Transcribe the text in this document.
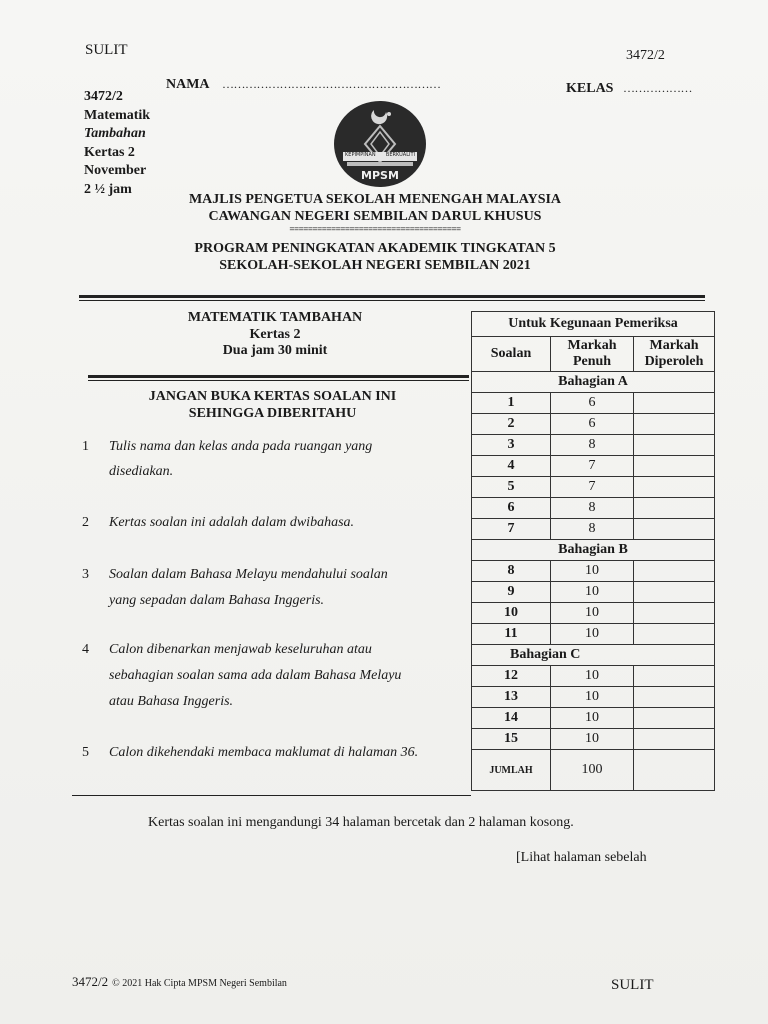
SULIT	3472/2
NAMA …………………………………………………	KELAS ………………
3472/2
Matematik
Tambahan
Kertas 2
November
2 ½ jam
KEPIMPINAN BERKUALITI
MPSM
MAJLIS PENGETUA SEKOLAH MENENGAH MALAYSIA
CAWANGAN NEGERI SEMBILAN DARUL KHUSUS
=====================================
PROGRAM PENINGKATAN AKADEMIK TINGKATAN 5
SEKOLAH-SEKOLAH NEGERI SEMBILAN 2021
MATEMATIK TAMBAHAN
Kertas 2
Dua jam 30 minit
JANGAN BUKA KERTAS SOALAN INI
SEHINGGA DIBERITAHU
1 Tulis nama dan kelas anda pada ruangan yang
disediakan.
2 Kertas soalan ini adalah dalam dwibahasa.
3 Soalan dalam Bahasa Melayu mendahului soalan
yang sepadan dalam Bahasa Inggeris.
4 Calon dibenarkan menjawab keseluruhan atau
sebahagian soalan sama ada dalam Bahasa Melayu
atau Bahasa Inggeris.
5 Calon dikehendaki membaca maklumat di halaman 36.
Untuk Kegunaan Pemeriksa		
Soalan	Markah Penuh	Markah Diperoleh
Bahagian A		
1	6	
2	6	
3	8	
4	7	
5	7	
6	8	
7	8	
Bahagian B		
8	10	
9	10	
10	10	
11	10	
Bahagian C		
12	10	
13	10	
14	10	
15	10	
JUMLAH	100	
Kertas soalan ini mengandungi 34 halaman bercetak dan 2 halaman kosong.
[Lihat halaman sebelah
3472/2 © 2021 Hak Cipta MPSM Negeri Sembilan	SULIT
